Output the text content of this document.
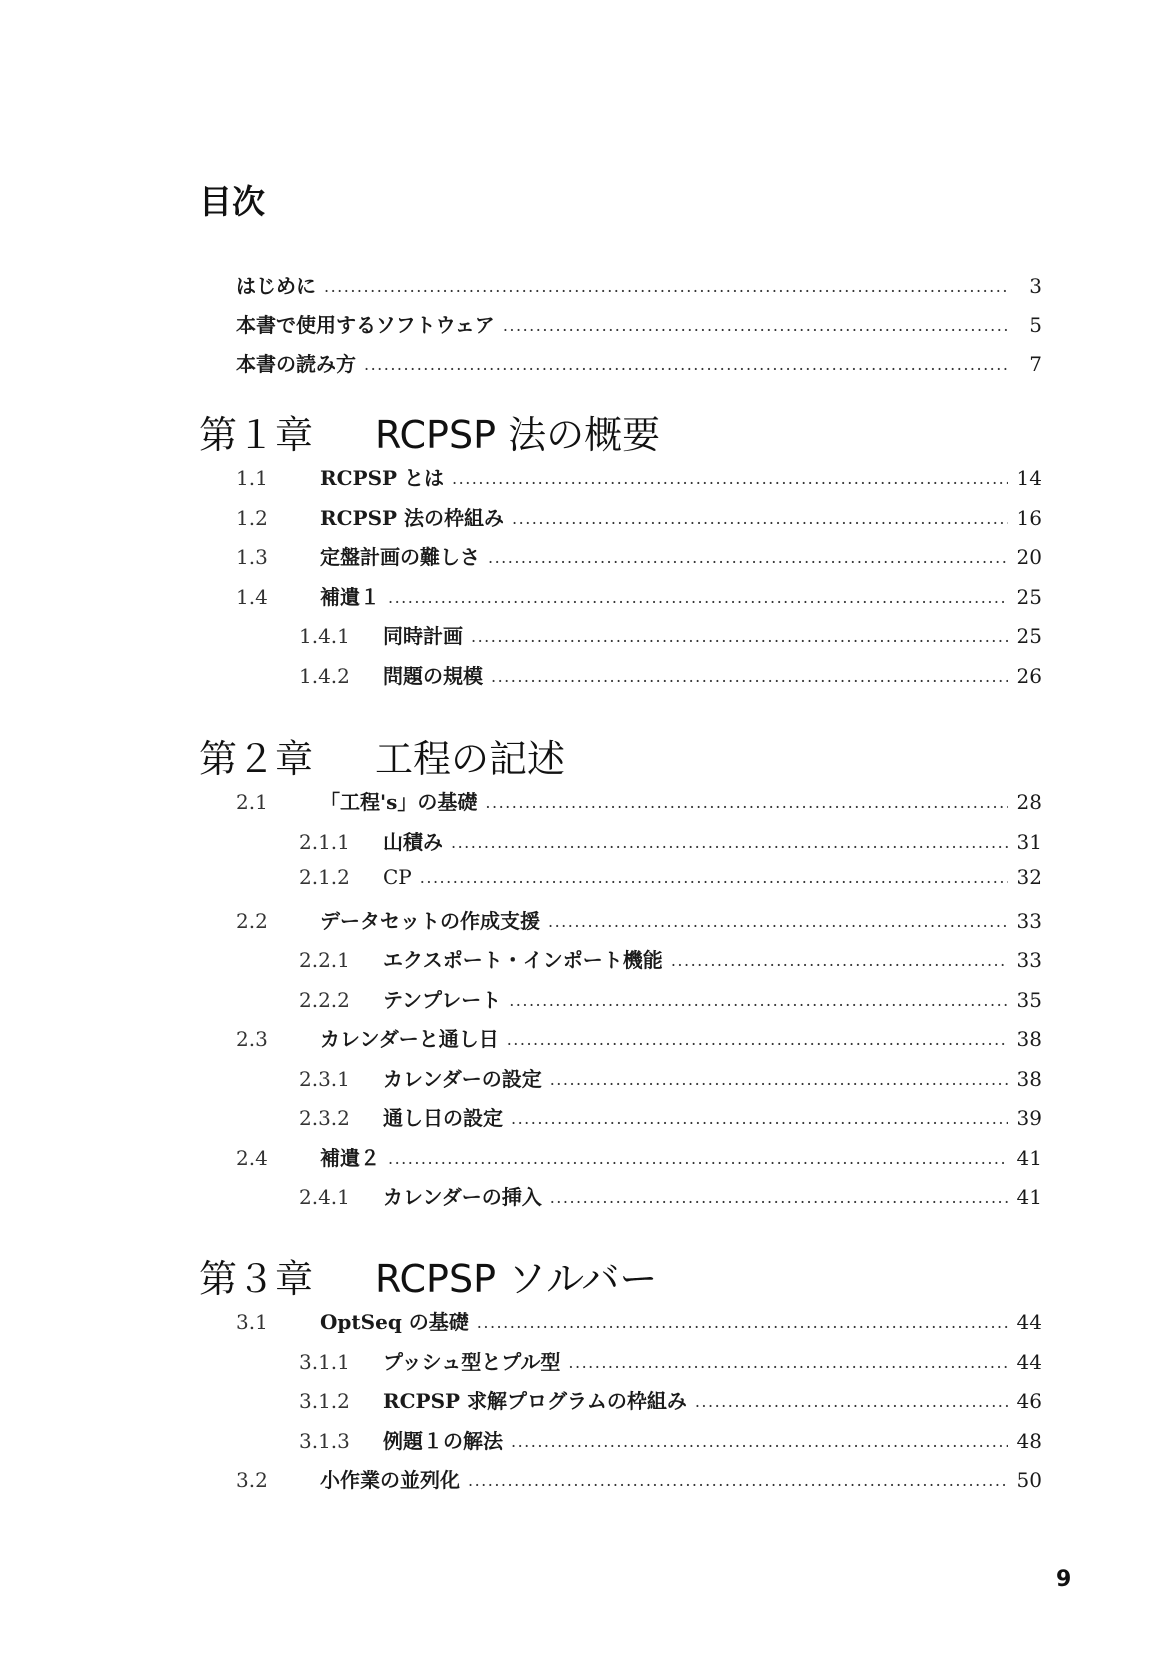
目次
はじめに .....	3
本書で使用するソフトウェア .....	5
本書の読み方 .....	7
第１章	RCPSP 法の概要
1.1	RCPSP とは .....	14
1.2	RCPSP 法の枠組み .....	16
1.3	定盤計画の難しさ .....	20
1.4	補遺１ .....	25
1.4.1	同時計画 .....	25
1.4.2	問題の規模 .....	26
第２章	工程の記述
2.1	「工程's」の基礎 .....	28
2.1.1	山積み .....	31
2.1.2	CP .....	32
2.2	データセットの作成支援 .....	33
2.2.1	エクスポート・インポート機能 .....	33
2.2.2	テンプレート .....	35
2.3	カレンダーと通し日 .....	38
2.3.1	カレンダーの設定 .....	38
2.3.2	通し日の設定 .....	39
2.4	補遺２ .....	41
2.4.1	カレンダーの挿入 .....	41
第３章	RCPSP ソルバー
3.1	OptSeq の基礎 .....	44
3.1.1	プッシュ型とプル型 .....	44
3.1.2	RCPSP 求解プログラムの枠組み .....	46
3.1.3	例題１の解法 .....	48
3.2	小作業の並列化 .....	50
9
